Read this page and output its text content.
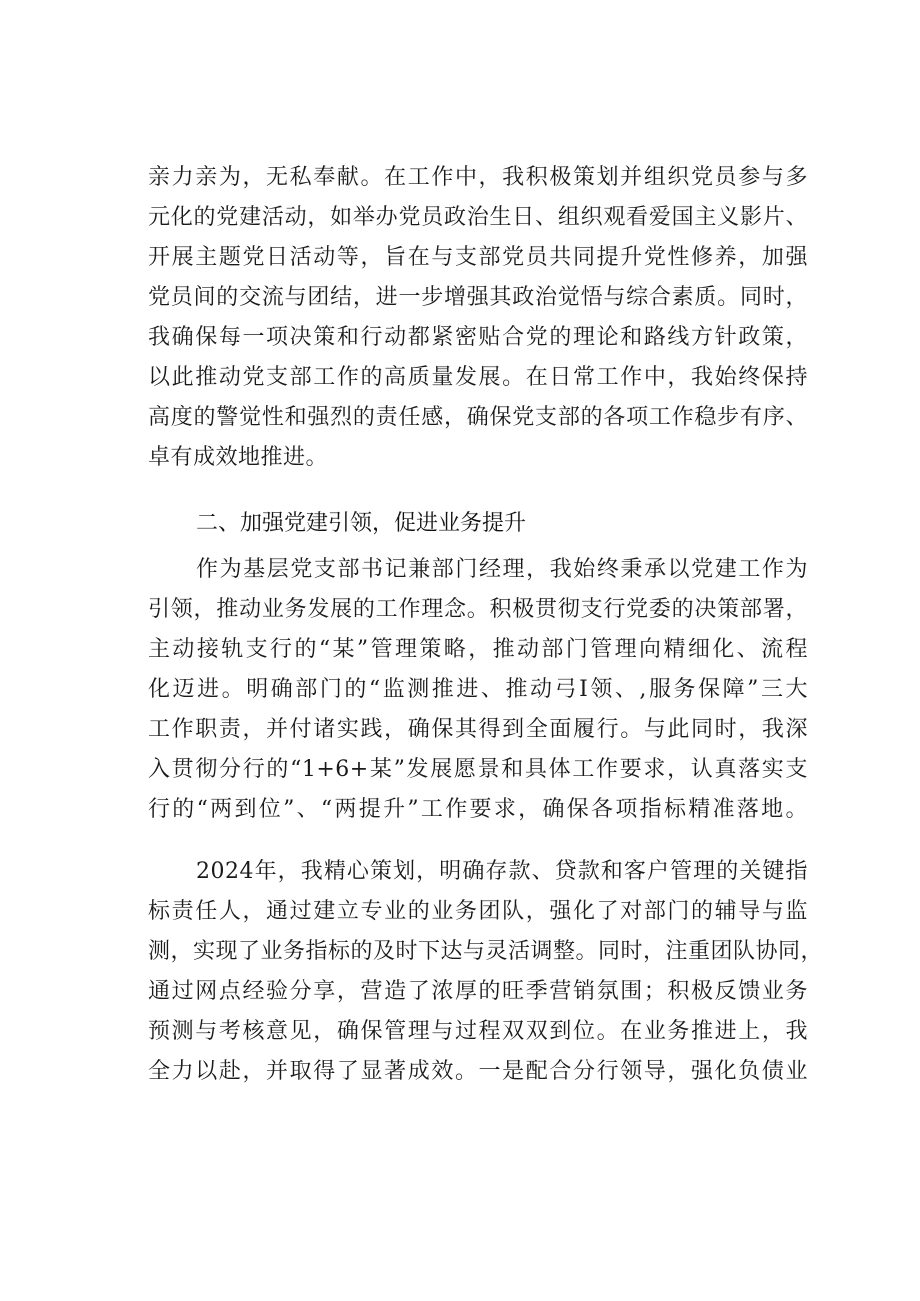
亲力亲为，无私奉献。在工作中，我积极策划并组织党员参与多
元化的党建活动，如举办党员政治生日、组织观看爱国主义影片、
开展主题党日活动等，旨在与支部党员共同提升党性修养，加强
党员间的交流与团结，进一步增强其政治觉悟与综合素质。同时，
我确保每一项决策和行动都紧密贴合党的理论和路线方针政策，
以此推动党支部工作的高质量发展。在日常工作中，我始终保持
高度的警觉性和强烈的责任感，确保党支部的各项工作稳步有序、
卓有成效地推进。
二、加强党建引领，促进业务提升
作为基层党支部书记兼部门经理，我始终秉承以党建工作为
引领，推动业务发展的工作理念。积极贯彻支行党委的决策部署，
主动接轨支行的“某”管理策略，推动部门管理向精细化、流程
化迈进。明确部门的“监测推进、推动弓I领、,服务保障”三大
工作职责，并付诸实践，确保其得到全面履行。与此同时，我深
入贯彻分行的“1+6+某”发展愿景和具体工作要求，认真落实支
行的“两到位”、“两提升”工作要求，确保各项指标精准落地。
2024年，我精心策划，明确存款、贷款和客户管理的关键指
标责任人，通过建立专业的业务团队，强化了对部门的辅导与监
测，实现了业务指标的及时下达与灵活调整。同时，注重团队协同，
通过网点经验分享，营造了浓厚的旺季营销氛围；积极反馈业务
预测与考核意见，确保管理与过程双双到位。在业务推进上，我
全力以赴，并取得了显著成效。一是配合分行领导，强化负债业
